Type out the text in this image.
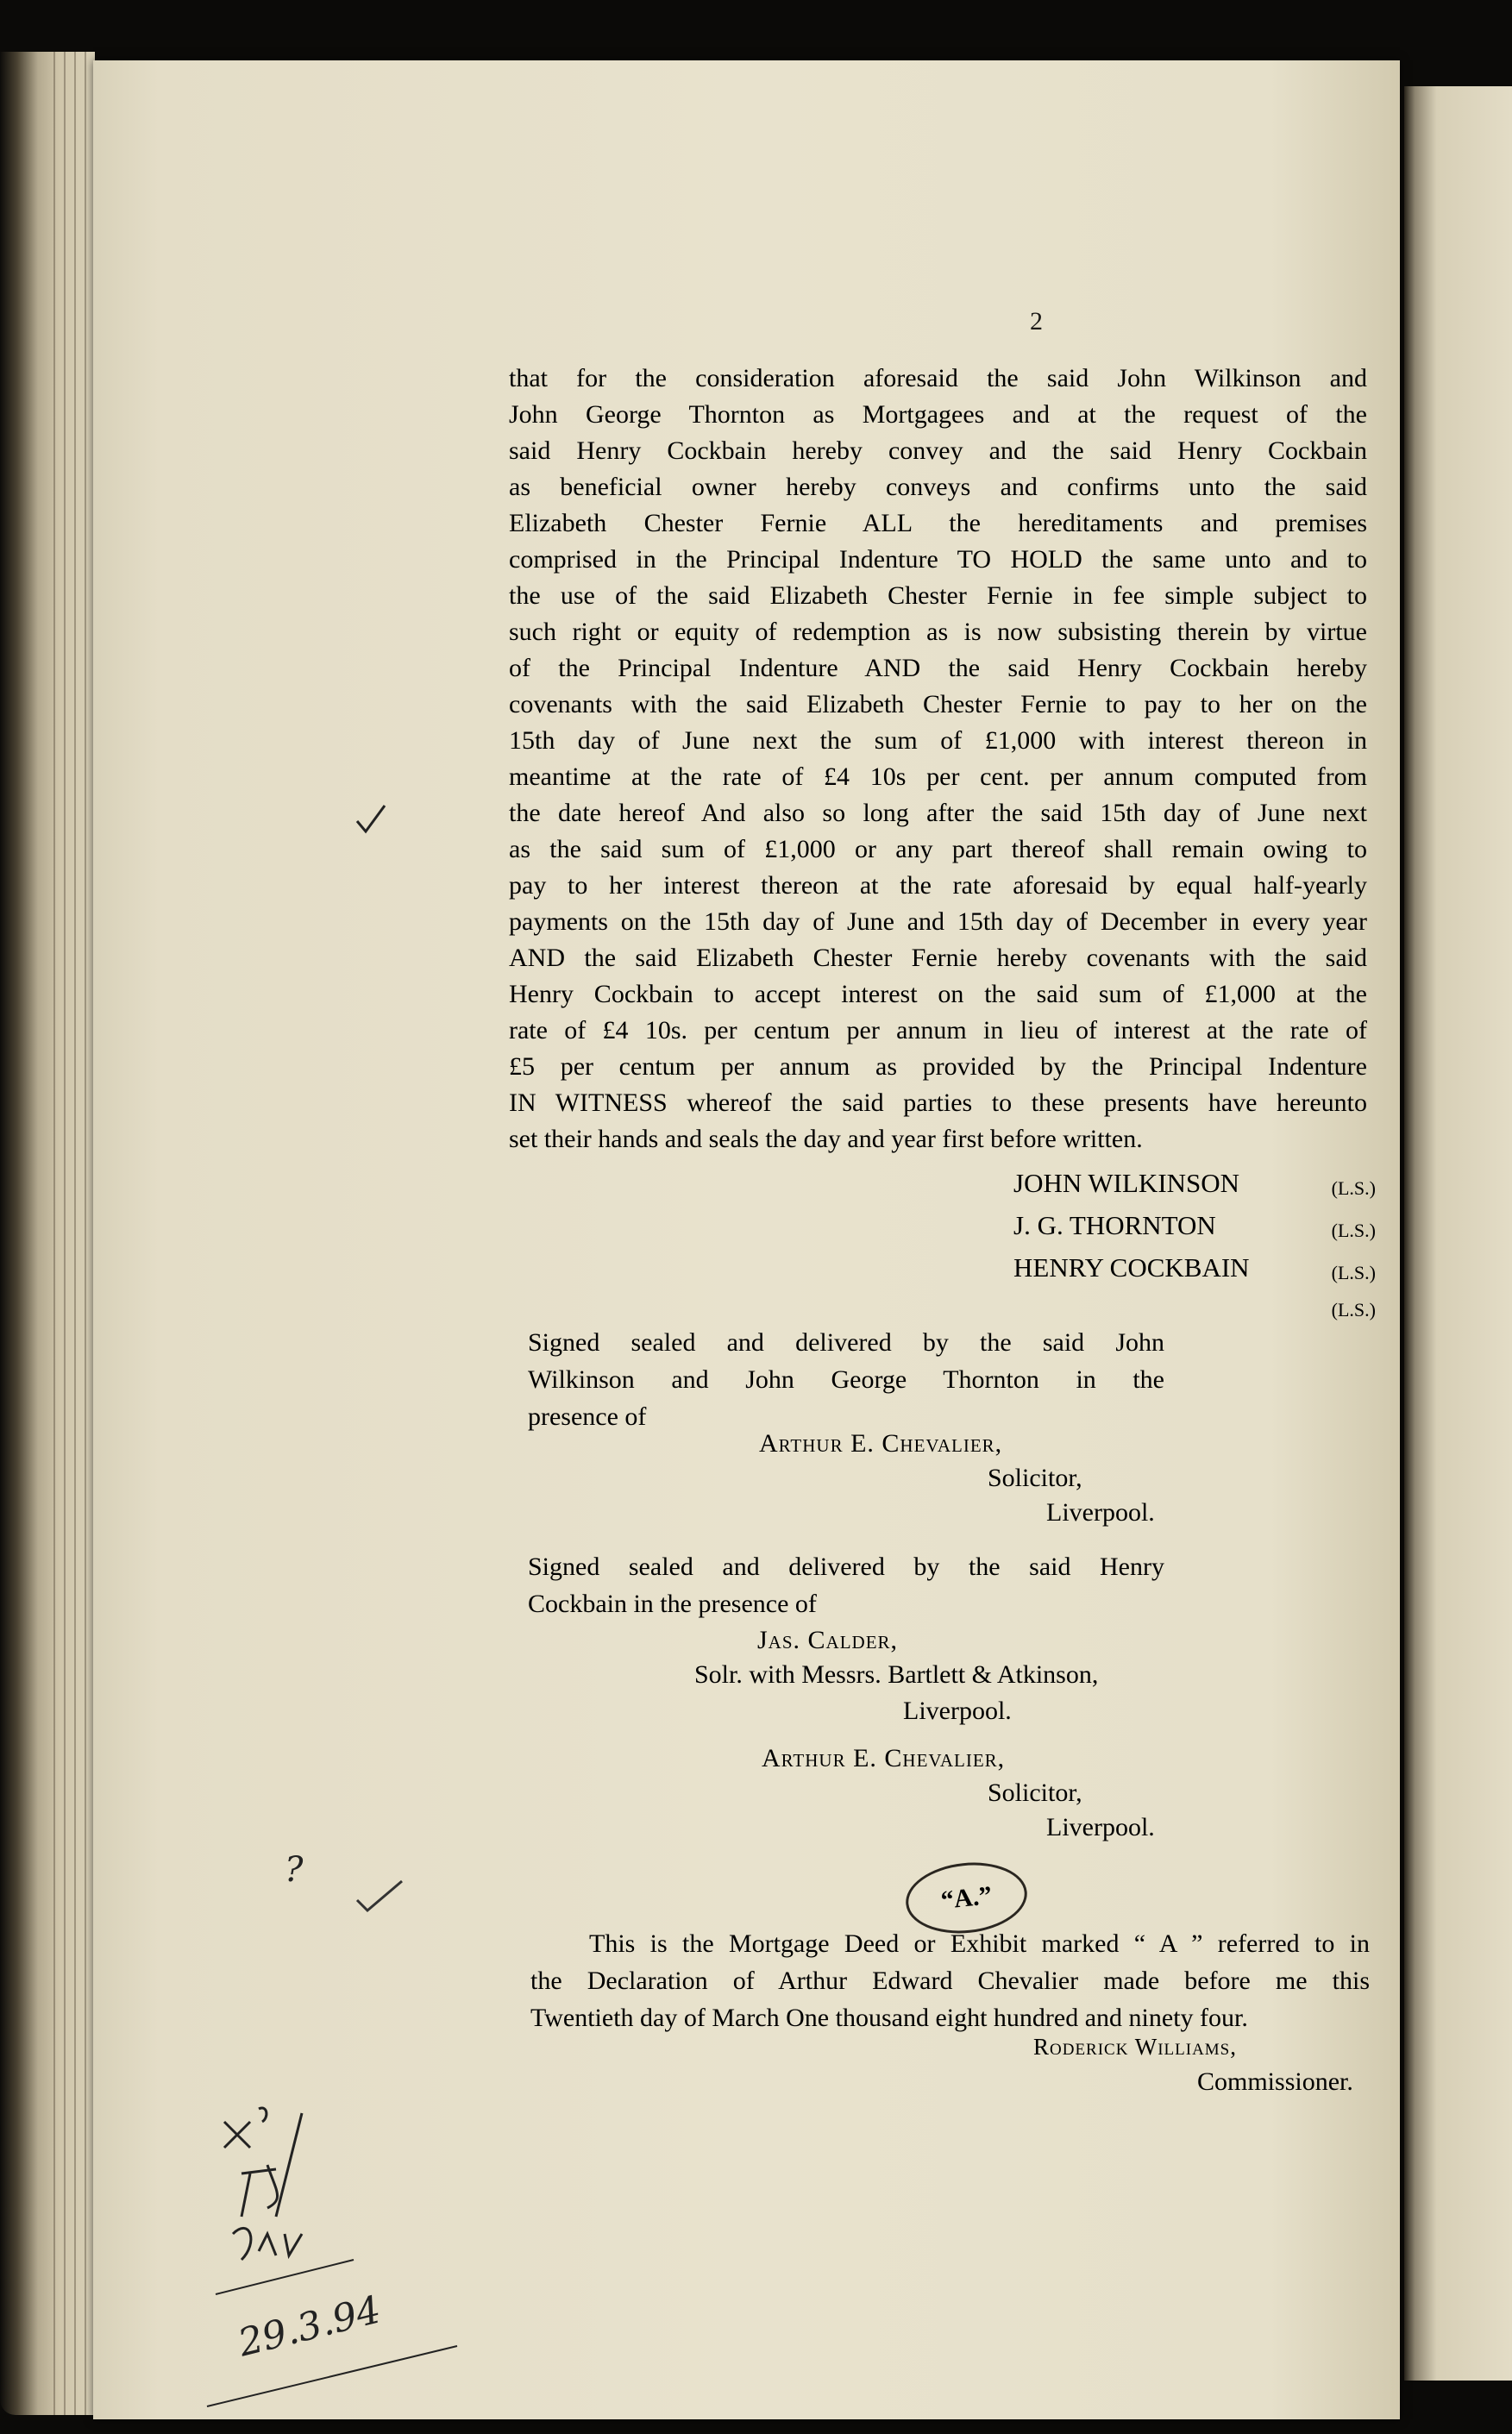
2
that for the consideration aforesaid the said John Wilkinson and
John George Thornton as Mortgagees and at the request of the
said Henry Cockbain hereby convey and the said Henry Cockbain
as beneficial owner hereby conveys and confirms unto the said
Elizabeth Chester Fernie ALL the hereditaments and premises
comprised in the Principal Indenture TO HOLD the same unto and to
the use of the said Elizabeth Chester Fernie in fee simple subject to
such right or equity of redemption as is now subsisting therein by virtue
of the Principal Indenture AND the said Henry Cockbain hereby
covenants with the said Elizabeth Chester Fernie to pay to her on the
15th day of June next the sum of £1,000 with interest thereon in
meantime at the rate of £4 10s per cent. per annum computed from
the date hereof And also so long after the said 15th day of June next
as the said sum of £1,000 or any part thereof shall remain owing to
pay to her interest thereon at the rate aforesaid by equal half-yearly
payments on the 15th day of June and 15th day of December in every year
AND the said Elizabeth Chester Fernie hereby covenants with the said
Henry Cockbain to accept interest on the said sum of £1,000 at the
rate of £4 10s. per centum per annum in lieu of interest at the rate of
£5 per centum per annum as provided by the Principal Indenture
IN WITNESS whereof the said parties to these presents have hereunto
set their hands and seals the day and year first before written.
JOHN WILKINSON	(L.S.)
J. G. THORNTON	(L.S.)
HENRY COCKBAIN	(L.S.)
(L.S.)
Signed sealed and delivered by the said John
Wilkinson and John George Thornton in the
presence of
Arthur E. Chevalier,
Solicitor,
Liverpool.
Signed sealed and delivered by the said Henry
Cockbain in the presence of
Jas. Calder,
Solr. with Messrs. Bartlett & Atkinson,
Liverpool.
Arthur E. Chevalier,
Solicitor,
Liverpool.
“A.”
This is the Mortgage Deed or Exhibit marked “ A ” referred to in
the Declaration of Arthur Edward Chevalier made before me this
Twentieth day of March One thousand eight hundred and ninety four.
Roderick Williams,
Commissioner.
?
29.3.94
